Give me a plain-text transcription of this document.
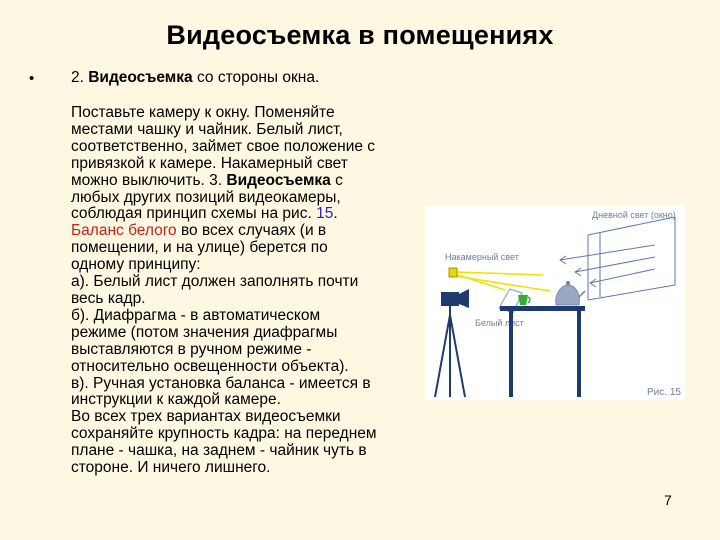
Видеосъемка в помещениях
• 2. Видеосъемка со стороны окна.
Поставьте камеру к окну. Поменяйте
местами чашку и чайник. Белый лист,
соответственно, займет свое положение с
привязкой к камере. Накамерный свет
можно выключить. 3. Видеосъемка с
любых других позиций видеокамеры,
соблюдая принцип схемы на рис. 15.
Баланс белого во всех случаях (и в
помещении, и на улице) берется по
одному принципу:
а). Белый лист должен заполнять почти
весь кадр.
б). Диафрагма - в автоматическом
режиме (потом значения диафрагмы
выставляются в ручном режиме -
относительно освещенности объекта).
в). Ручная установка баланса - имеется в
инструкции к каждой камере.
Во всех трех вариантах видеосъемки
сохраняйте крупность кадра: на переднем
плане - чашка, на заднем - чайник чуть в
стороне. И ничего лишнего.
Дневной свет (окно)
Накамерный свет
Белый лист
Рис. 15
7
